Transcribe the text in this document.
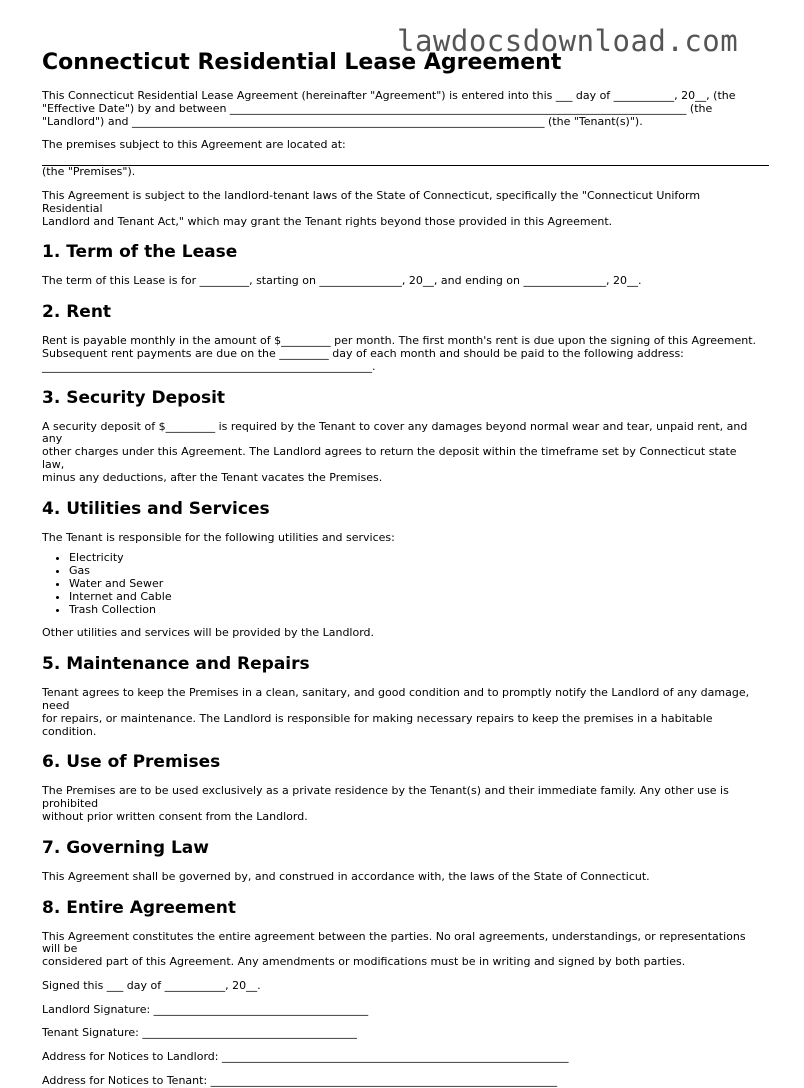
lawdocsdownload.com
Connecticut Residential Lease Agreement

This Connecticut Residential Lease Agreement (hereinafter "Agreement") is entered into this ___ day of ___________, 20__, (the

"Effective Date") by and between ___________________________________________________________________________________ (the

"Landlord") and ___________________________________________________________________________ (the "Tenant(s)").

The premises subject to this Agreement are located at:

(the "Premises").

This Agreement is subject to the landlord-tenant laws of the State of Connecticut, specifically the "Connecticut Uniform Residential

Landlord and Tenant Act," which may grant the Tenant rights beyond those provided in this Agreement.

1. Term of the Lease

The term of this Lease is for _________, starting on _______________, 20__, and ending on _______________, 20__.

2. Rent

Rent is payable monthly in the amount of $_________ per month. The first month's rent is due upon the signing of this Agreement.

Subsequent rent payments are due on the _________ day of each month and should be paid to the following address:

____________________________________________________________.

3. Security Deposit

A security deposit of $_________ is required by the Tenant to cover any damages beyond normal wear and tear, unpaid rent, and any

other charges under this Agreement. The Landlord agrees to return the deposit within the timeframe set by Connecticut state law,

minus any deductions, after the Tenant vacates the Premises.

4. Utilities and Services

The Tenant is responsible for the following utilities and services:

• Electricity
• Gas
• Water and Sewer
• Internet and Cable
• Trash Collection

Other utilities and services will be provided by the Landlord.

5. Maintenance and Repairs

Tenant agrees to keep the Premises in a clean, sanitary, and good condition and to promptly notify the Landlord of any damage, need

for repairs, or maintenance. The Landlord is responsible for making necessary repairs to keep the premises in a habitable condition.

6. Use of Premises

The Premises are to be used exclusively as a private residence by the Tenant(s) and their immediate family. Any other use is prohibited

without prior written consent from the Landlord.

7. Governing Law

This Agreement shall be governed by, and construed in accordance with, the laws of the State of Connecticut.

8. Entire Agreement

This Agreement constitutes the entire agreement between the parties. No oral agreements, understandings, or representations will be

considered part of this Agreement. Any amendments or modifications must be in writing and signed by both parties.

Signed this ___ day of ___________, 20__.

Landlord Signature: _______________________________________

Tenant Signature: _______________________________________

Address for Notices to Landlord: _______________________________________________________________

Address for Notices to Tenant: _______________________________________________________________
